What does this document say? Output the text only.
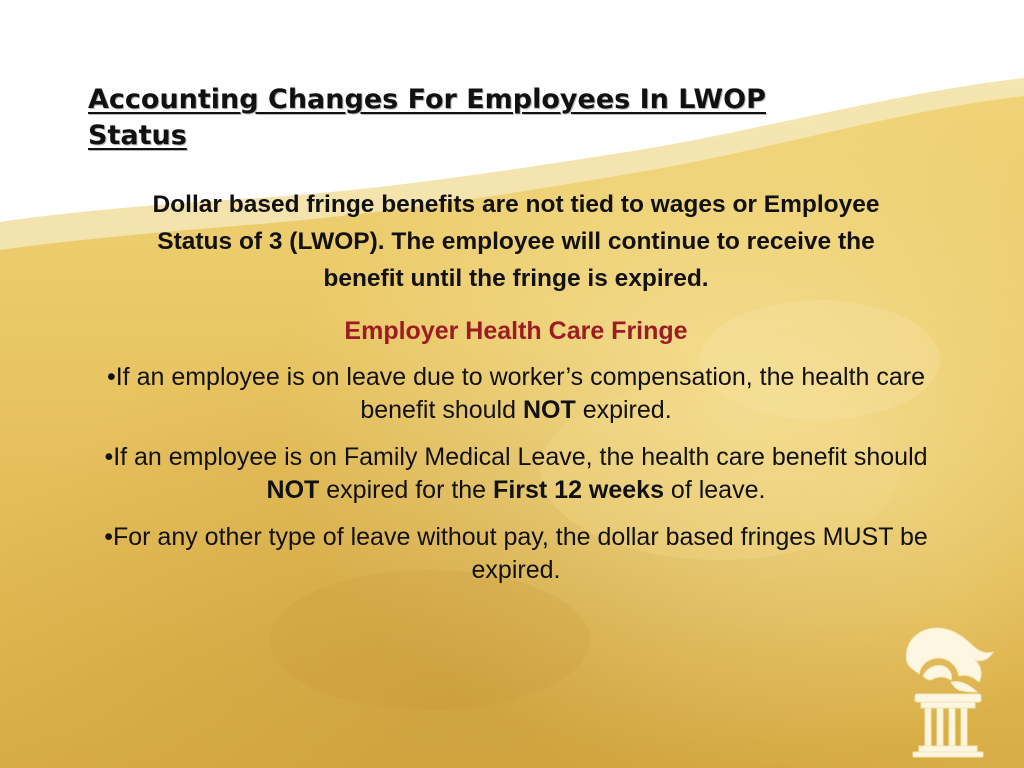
Accounting Changes For Employees In LWOP Status
Dollar based fringe benefits are not tied to wages or Employee Status of 3 (LWOP). The employee will continue to receive the benefit until the fringe is expired.
Employer Health Care Fringe
•If an employee is on leave due to worker’s compensation, the health care benefit should NOT expired.
•If an employee is on Family Medical Leave, the health care benefit should NOT expired for the First 12 weeks of leave.
•For any other type of leave without pay, the dollar based fringes MUST be expired.
